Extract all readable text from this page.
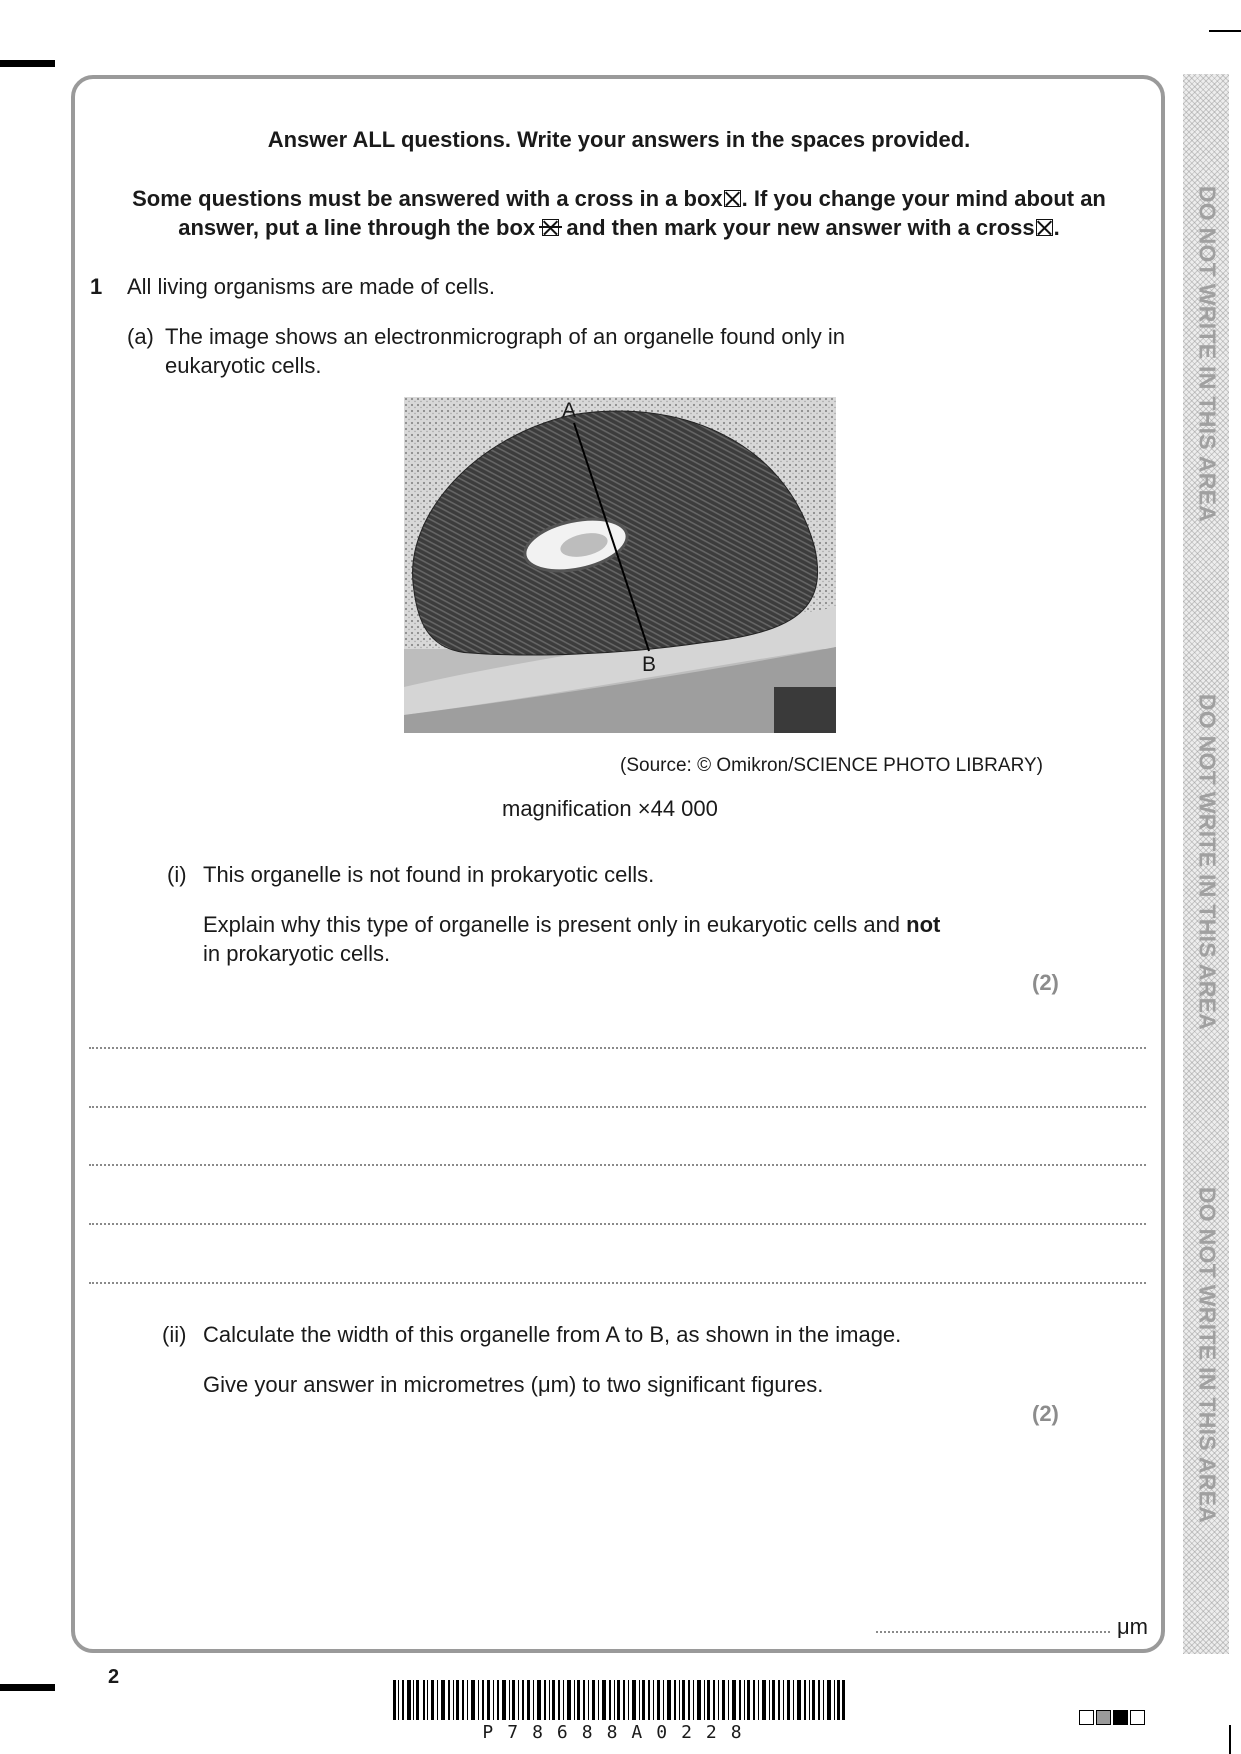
DO NOT WRITE IN THIS AREA
DO NOT WRITE IN THIS AREA
DO NOT WRITE IN THIS AREA
Answer ALL questions. Write your answers in the spaces provided.
Some questions must be answered with a cross in a box☒. If you change your mind about an
answer, put a line through the box and then mark your new answer with a cross☒.
1 All living organisms are made of cells.
(a) The image shows an electronmicrograph of an organelle found only in
eukaryotic cells.
A
B
(Source: © Omikron/SCIENCE PHOTO LIBRARY)
magnification ×44 000
(i) This organelle is not found in prokaryotic cells.
Explain why this type of organelle is present only in eukaryotic cells and not
in prokaryotic cells.
(2)
(ii) Calculate the width of this organelle from A to B, as shown in the image.
Give your answer in micrometres (μm) to two significant figures.
(2)
μm
2
P78688A0228
